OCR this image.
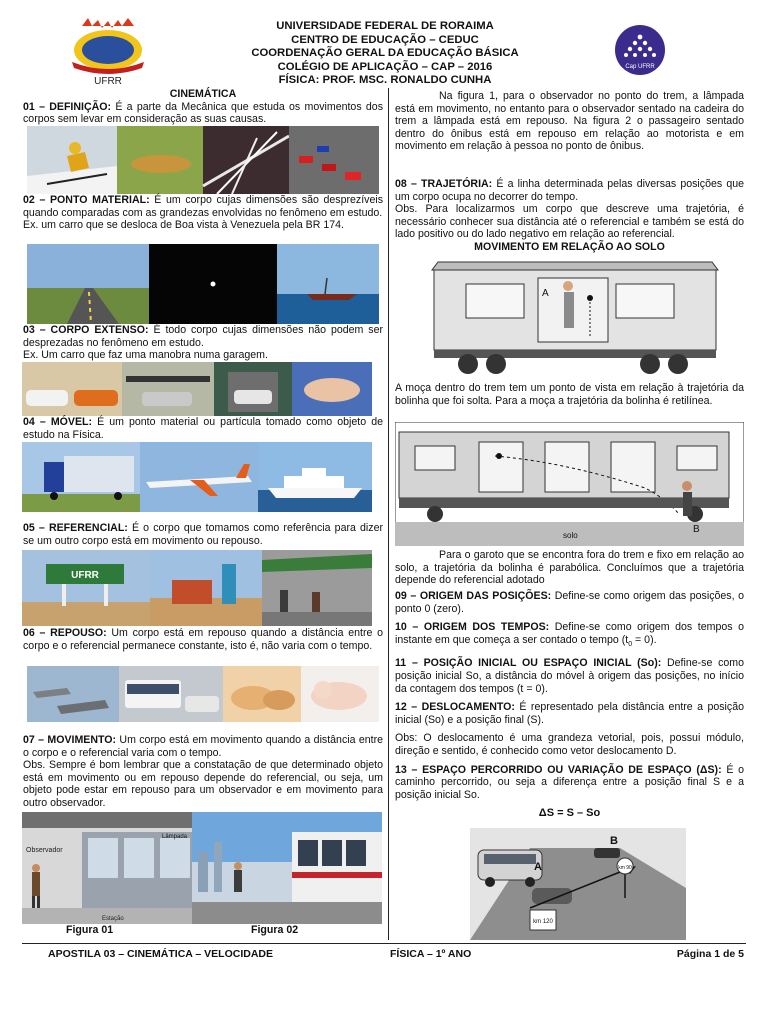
UFRR
UNIVERSIDADE FEDERAL DE RORAIMA
CENTRO DE EDUCAÇÃO – CEDUC
COORDENAÇÃO GERAL DA EDUCAÇÃO BÁSICA
COLÉGIO DE APLICAÇÃO – CAP – 2016
FÍSICA: PROF. MSC. RONALDO CUNHA
Cap UFRR

CINEMÁTICA

01 – DEFINIÇÃO: É a parte da Mecânica que estuda os movimentos dos corpos sem levar em consideração as suas causas.

02 – PONTO MATERIAL: É um corpo cujas dimensões são desprezíveis quando comparadas com as grandezas envolvidas no fenômeno em estudo.

Ex. um carro que se desloca de Boa vista à Venezuela pela BR 174.

03 – CORPO EXTENSO: É todo corpo cujas dimensões não podem ser desprezadas no fenômeno em estudo.

Ex. Um carro que faz uma manobra numa garagem.

04 – MÓVEL: É um ponto material ou partícula tomado como objeto de estudo na Física.

05 – REFERENCIAL: É o corpo que tomamos como referência para dizer se um outro corpo está em movimento ou repouso.

UFRR

06 – REPOUSO: Um corpo está em repouso quando a distância entre o corpo e o referencial permanece constante, isto é, não varia com o tempo.

07 – MOVIMENTO: Um corpo está em movimento quando a distância entre o corpo e o referencial varia com o tempo.

Obs. Sempre é bom lembrar que a constatação de que determinado objeto está em movimento ou em repouso depende do referencial, ou seja, um objeto pode estar em repouso para um observador e em movimento para outro observador.

Observador
Lâmpada
Estação
Figura 01	Figura 02

Na figura 1, para o observador no ponto do trem, a lâmpada está em movimento, no entanto para o observador sentado na cadeira do trem a lâmpada está em repouso. Na figura 2 o passageiro sentado dentro do ônibus está em repouso em relação ao motorista e em movimento em relação à pessoa no ponto de ônibus.

08 – TRAJETÓRIA: É a linha determinada pelas diversas posições que um corpo ocupa no decorrer do tempo.

Obs. Para localizarmos um corpo que descreve uma trajetória, é necessário conhecer sua distância até o referencial e também se está do lado positivo ou do lado negativo em relação ao referencial.

MOVIMENTO EM RELAÇÃO AO SOLO

A

A moça dentro do trem tem um ponto de vista em relação à trajetória da bolinha que foi solta. Para a moça a trajetória da bolinha é retilínea.

solo
B

Para o garoto que se encontra fora do trem e fixo em relação ao solo, a trajetória da bolinha é parabólica. Concluímos que a trajetória depende do referencial adotado

09 – ORIGEM DAS POSIÇÕES: Define-se como origem das posições, o ponto 0 (zero).

10 – ORIGEM DOS TEMPOS: Define-se como origem dos tempos o instante em que começa a ser contado o tempo $(t_0 = 0)$.

11 – POSIÇÃO INICIAL OU ESPAÇO INICIAL (So): Define-se como posição inicial So, a distância do móvel à origem das posições, no início da contagem dos tempos (t = 0).

12 – DESLOCAMENTO: É representado pela distância entre a posição inicial (So) e a posição final (S).

Obs: O deslocamento é uma grandeza vetorial, pois, possui módulo, direção e sentido, é conhecido como vetor deslocamento D.

13 – ESPAÇO PERCORRIDO OU VARIAÇÃO DE ESPAÇO (ΔS): É o caminho percorrido, ou seja a diferença entre a posição final S e a posição inicial So.

ΔS = S – So

A
B
km 90
km 120
APOSTILA 03 – CINEMÁTICA – VELOCIDADE	FÍSICA – 1º ANO	Página 1 de 5
